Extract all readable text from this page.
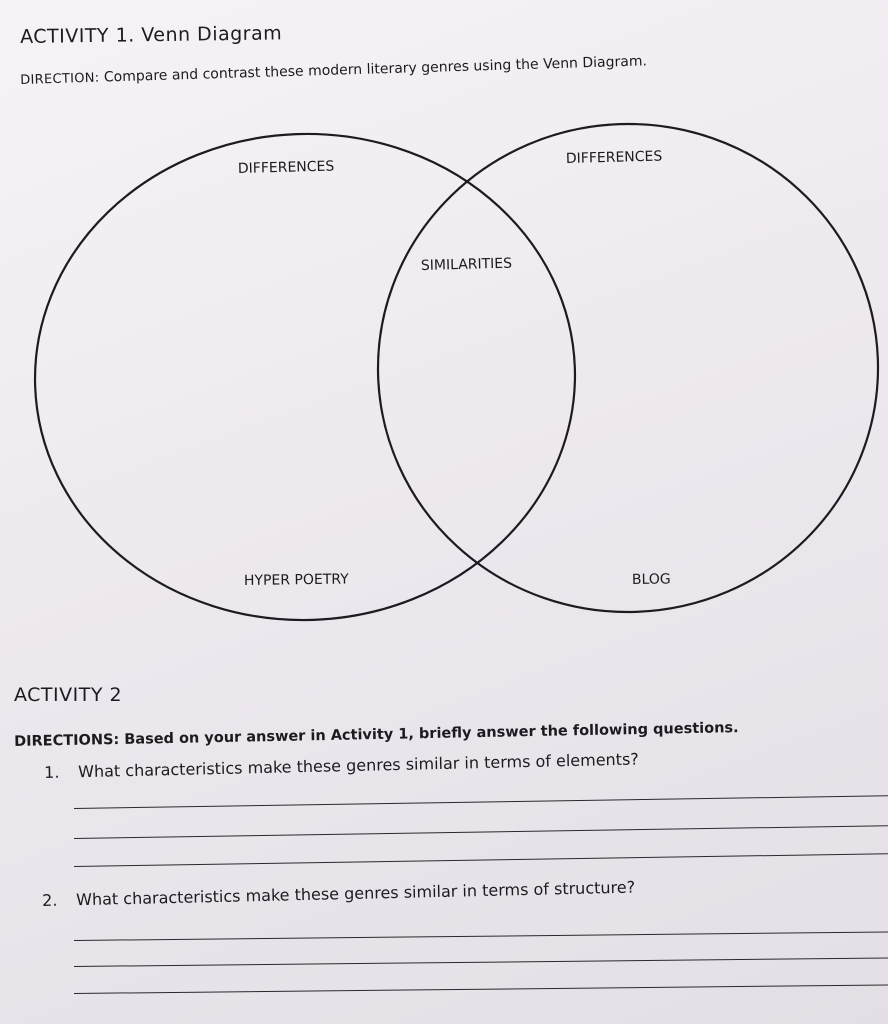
ACTIVITY 1. Venn Diagram
DIRECTION: Compare and contrast these modern literary genres using the Venn Diagram.
DIFFERENCES
DIFFERENCES
SIMILARITIES
HYPER POETRY	BLOG
ACTIVITY 2
DIRECTIONS: Based on your answer in Activity 1, briefly answer the following questions.
1. What characteristics make these genres similar in terms of elements?
2. What characteristics make these genres similar in terms of structure?
